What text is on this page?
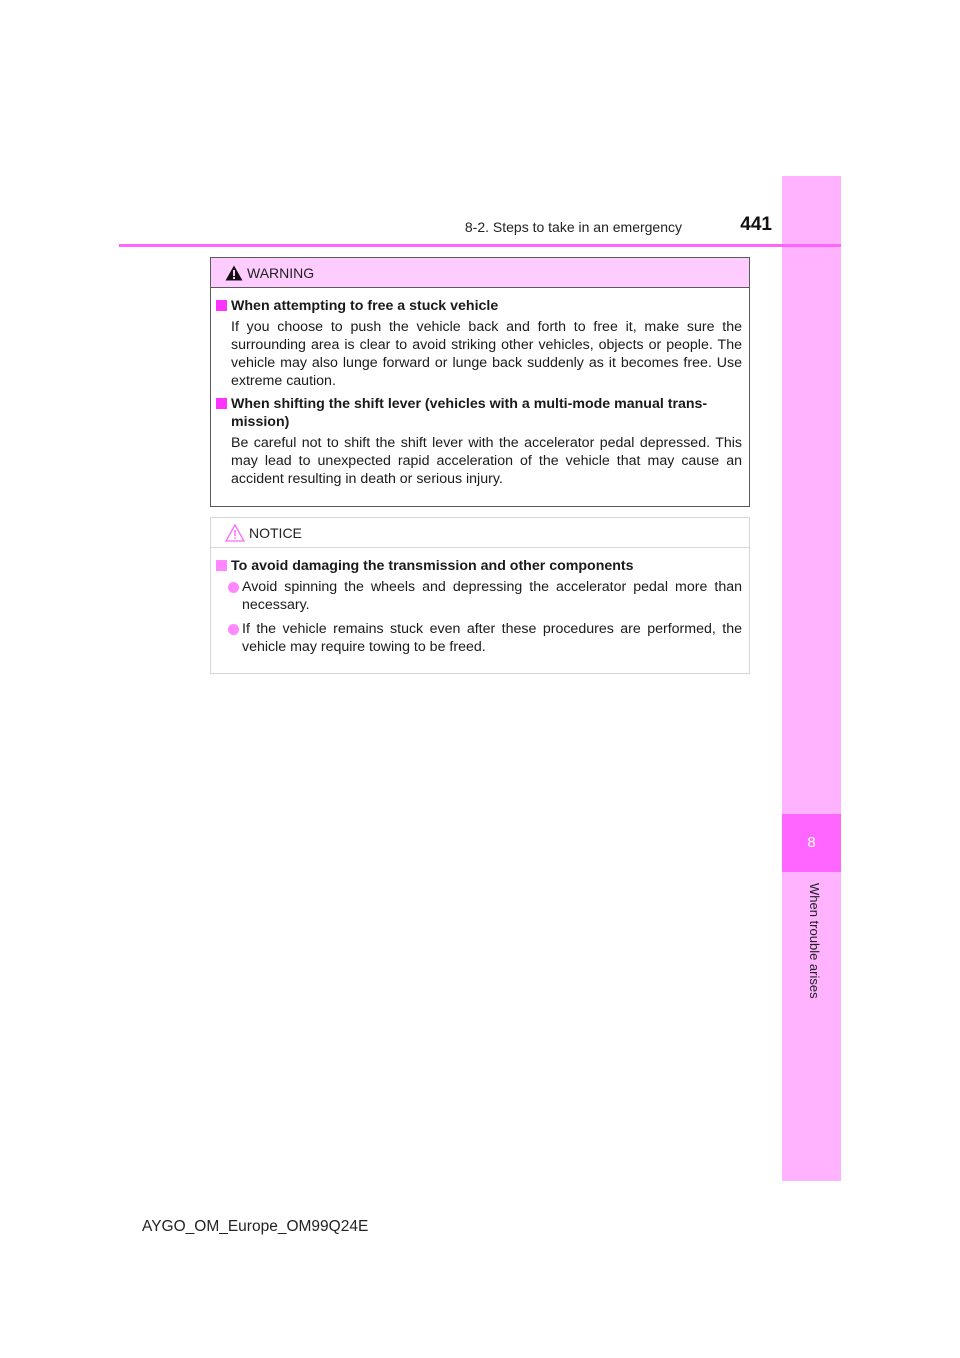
8
When trouble arises
8-2. Steps to take in an emergency	441
WARNING
When attempting to free a stuck vehicle
If you choose to push the vehicle back and forth to free it, make sure the surrounding area is clear to avoid striking other vehicles, objects or people. The vehicle may also lunge forward or lunge back suddenly as it becomes free. Use extreme caution.
When shifting the shift lever (vehicles with a multi-mode manual trans-mission)
Be careful not to shift the shift lever with the accelerator pedal depressed. This may lead to unexpected rapid acceleration of the vehicle that may cause an accident resulting in death or serious injury.
NOTICE
To avoid damaging the transmission and other components
Avoid spinning the wheels and depressing the accelerator pedal more than necessary.
If the vehicle remains stuck even after these procedures are performed, the vehicle may require towing to be freed.
AYGO_OM_Europe_OM99Q24E
